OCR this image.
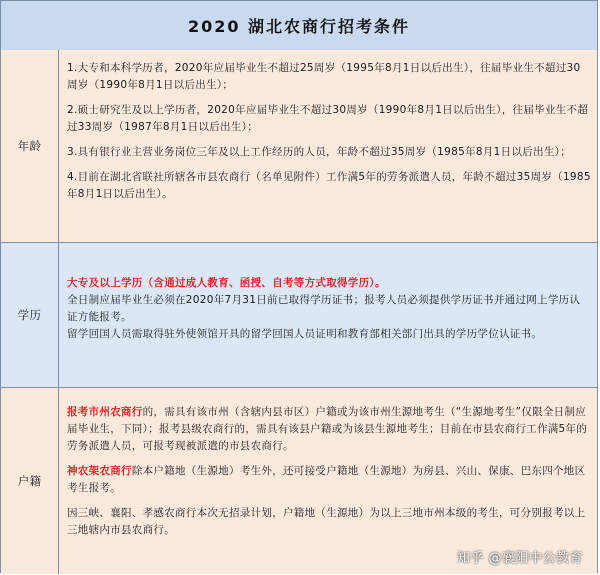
2020 湖北农商行招考条件
年龄

1.大专和本科学历者，2020年应届毕业生不超过25周岁（1995年8月1日以后出生），往届毕业生不超过30周岁（1990年8月1日以后出生）；

2.硕士研究生及以上学历者，2020年应届毕业生不超过30周岁（1990年8月1日以后出生），往届毕业生不超过33周岁（1987年8月1日以后出生）；

3.具有银行业主营业务岗位三年及以上工作经历的人员，年龄不超过35周岁（1985年8月1日以后出生）；

4.目前在湖北省联社所辖各市县农商行（名单见附件）工作满5年的劳务派遣人员，年龄不超过35周岁（1985年8月1日以后出生）。

学历

大专及以上学历（含通过成人教育、函授、自考等方式取得学历）。

全日制应届毕业生必须在2020年7月31日前已取得学历证书；报考人员必须提供学历证书并通过网上学历认证方能报考。

留学回国人员需取得驻外使领馆开具的留学回国人员证明和教育部相关部门出具的学历学位认证书。

户籍

报考市州农商行的，需具有该市州（含辖内县市区）户籍或为该市州生源地考生（“生源地考生”仅限全日制应届毕业生，下同）；报考县级农商行的，需具有该县户籍或为该县生源地考生；目前在市县农商行工作满5年的劳务派遣人员，可报考现被派遣的市县农商行。

神农架农商行除本户籍地（生源地）考生外，还可接受户籍地（生源地）为房县、兴山、保康、巴东四个地区考生报考。

因三峡、襄阳、孝感农商行本次无招录计划，户籍地（生源地）为以上三地市州本级的考生，可分别报考以上三地辖内市县农商行。

知乎 @襄阳中公教育
